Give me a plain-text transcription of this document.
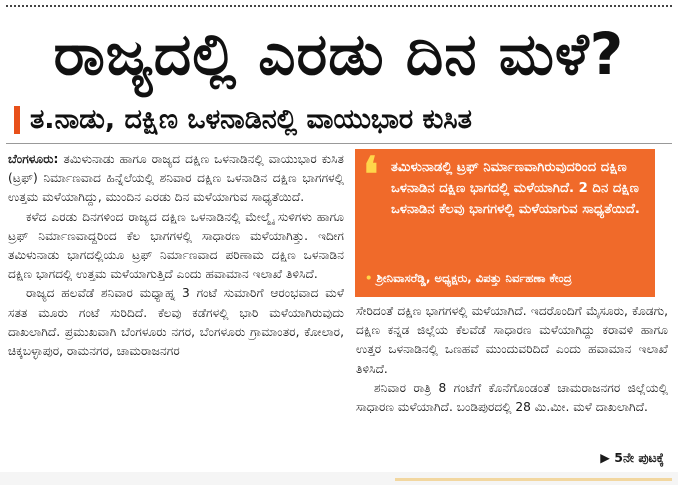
ರಾಜ್ಯದಲ್ಲಿ ಎರಡು ದಿನ ಮಳೆ?
ತ.ನಾಡು, ದಕ್ಷಿಣ ಒಳನಾಡಿನಲ್ಲಿ ವಾಯುಭಾರ ಕುಸಿತ

ಬೆಂಗಳೂರು: ತಮಿಳುನಾಡು ಹಾಗೂ ರಾಜ್ಯದ ದಕ್ಷಿಣ ಒಳನಾಡಿನಲ್ಲಿ ವಾಯುಭಾರ ಕುಸಿತ (ಟ್ರಫ್) ನಿರ್ಮಾಣವಾದ ಹಿನ್ನೆಲೆಯಲ್ಲಿ ಶನಿವಾರ ದಕ್ಷಿಣ ಒಳನಾಡಿನ ದಕ್ಷಿಣ ಭಾಗಗಳಲ್ಲಿ ಉತ್ತಮ ಮಳೆಯಾಗಿದ್ದು, ಮುಂದಿನ ಎರಡು ದಿನ ಮಳೆಯಾಗುವ ಸಾಧ್ಯತೆಯಿದೆ.

ಕಳೆದ ಎರಡು ದಿನಗಳಿಂದ ರಾಜ್ಯದ ದಕ್ಷಿಣ ಒಳನಾಡಿನಲ್ಲಿ ಮೇಲ್ಮೈ ಸುಳಿಗಳು ಹಾಗೂ ಟ್ರಫ್ ನಿರ್ಮಾಣವಾದ್ದರಿಂದ ಕೆಲ ಭಾಗಗಳಲ್ಲಿ ಸಾಧಾರಣ ಮಳೆಯಾಗಿತ್ತು. ಇದೀಗ ತಮಿಳುನಾಡು ಭಾಗದಲ್ಲಿಯೂ ಟ್ರಫ್ ನಿರ್ಮಾಣವಾದ ಪರಿಣಾಮ ದಕ್ಷಿಣ ಒಳನಾಡಿನ ದಕ್ಷಿಣ ಭಾಗದಲ್ಲಿ ಉತ್ತಮ ಮಳೆಯಾಗುತ್ತಿದೆ ಎಂದು ಹವಾಮಾನ ಇಲಾಖೆ ತಿಳಿಸಿದೆ.

ರಾಜ್ಯದ ಹಲವೆಡೆ ಶನಿವಾರ ಮಧ್ಯಾಹ್ನ 3 ಗಂಟೆ ಸುಮಾರಿಗೆ ಆರಂಭವಾದ ಮಳೆ ಸತತ ಮೂರು ಗಂಟೆ ಸುರಿದಿದೆ. ಕೆಲವು ಕಡೆಗಳಲ್ಲಿ ಭಾರಿ ಮಳೆಯಾಗಿರುವುದು ದಾಖಲಾಗಿದೆ. ಪ್ರಮುಖವಾಗಿ ಬೆಂಗಳೂರು ನಗರ, ಬೆಂಗಳೂರು ಗ್ರಾಮಾಂತರ, ಕೋಲಾರ, ಚಿಕ್ಕಬಳ್ಳಾಪುರ, ರಾಮನಗರ, ಚಾಮರಾಜನಗರ

❛ ತಮಿಳುನಾಡಲ್ಲಿ ಟ್ರಫ್ ನಿರ್ಮಾಣವಾಗಿರುವುದರಿಂದ ದಕ್ಷಿಣ ಒಳನಾಡಿನ ದಕ್ಷಿಣ ಭಾಗದಲ್ಲಿ ಮಳೆಯಾಗಿದೆ. 2 ದಿನ ದಕ್ಷಿಣ ಒಳನಾಡಿನ ಕೆಲವು ಭಾಗಗಳಲ್ಲಿ ಮಳೆಯಾಗುವ ಸಾಧ್ಯತೆಯಿದೆ.
• ಶ್ರೀನಿವಾಸರೆಡ್ಡಿ, ಅಧ್ಯಕ್ಷರು, ವಿಪತ್ತು ನಿರ್ವಹಣಾ ಕೇಂದ್ರ

ಸೇರಿದಂತೆ ದಕ್ಷಿಣ ಭಾಗಗಳಲ್ಲಿ ಮಳೆಯಾಗಿದೆ. ಇದರೊಂದಿಗೆ ಮೈಸೂರು, ಕೊಡಗು, ದಕ್ಷಿಣ ಕನ್ನಡ ಜಿಲ್ಲೆಯ ಕೆಲವೆಡೆ ಸಾಧಾರಣ ಮಳೆಯಾಗಿದ್ದು ಕರಾವಳಿ ಹಾಗೂ ಉತ್ತರ ಒಳನಾಡಿನಲ್ಲಿ ಒಣಹವೆ ಮುಂದುವರಿದಿದೆ ಎಂದು ಹವಾಮಾನ ಇಲಾಖೆ ತಿಳಿಸಿದೆ.

ಶನಿವಾರ ರಾತ್ರಿ 8 ಗಂಟೆಗೆ ಕೊನೆಗೊಂಡಂತೆ ಚಾಮರಾಜನಗರ ಜಿಲ್ಲೆಯಲ್ಲಿ ಸಾಧಾರಣ ಮಳೆಯಾಗಿದೆ. ಬಂಡಿಪುರದಲ್ಲಿ 28 ಮಿ.ಮೀ. ಮಳೆ ದಾಖಲಾಗಿದೆ.

▶ 5ನೇ ಪುಟಕ್ಕೆ
